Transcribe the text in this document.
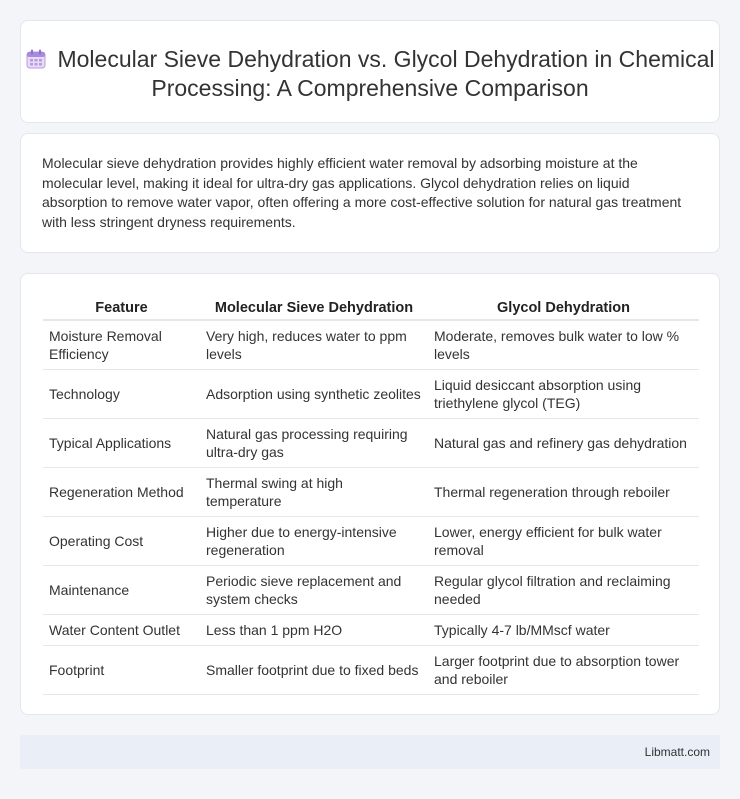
Molecular Sieve Dehydration vs. Glycol Dehydration in Chemical Processing: A Comprehensive Comparison

Molecular sieve dehydration provides highly efficient water removal by adsorbing moisture at the molecular level, making it ideal for ultra-dry gas applications. Glycol dehydration relies on liquid absorption to remove water vapor, often offering a more cost-effective solution for natural gas treatment with less stringent dryness requirements.

Feature	Molecular Sieve Dehydration	Glycol Dehydration
Moisture Removal Efficiency	Very high, reduces water to ppm levels	Moderate, removes bulk water to low % levels
Technology	Adsorption using synthetic zeolites	Liquid desiccant absorption using triethylene glycol (TEG)
Typical Applications	Natural gas processing requiring ultra-dry gas	Natural gas and refinery gas dehydration
Regeneration Method	Thermal swing at high temperature	Thermal regeneration through reboiler
Operating Cost	Higher due to energy-intensive regeneration	Lower, energy efficient for bulk water removal
Maintenance	Periodic sieve replacement and system checks	Regular glycol filtration and reclaiming needed
Water Content Outlet	Less than 1 ppm H2O	Typically 4-7 lb/MMscf water
Footprint	Smaller footprint due to fixed beds	Larger footprint due to absorption tower and reboiler
Libmatt.com
